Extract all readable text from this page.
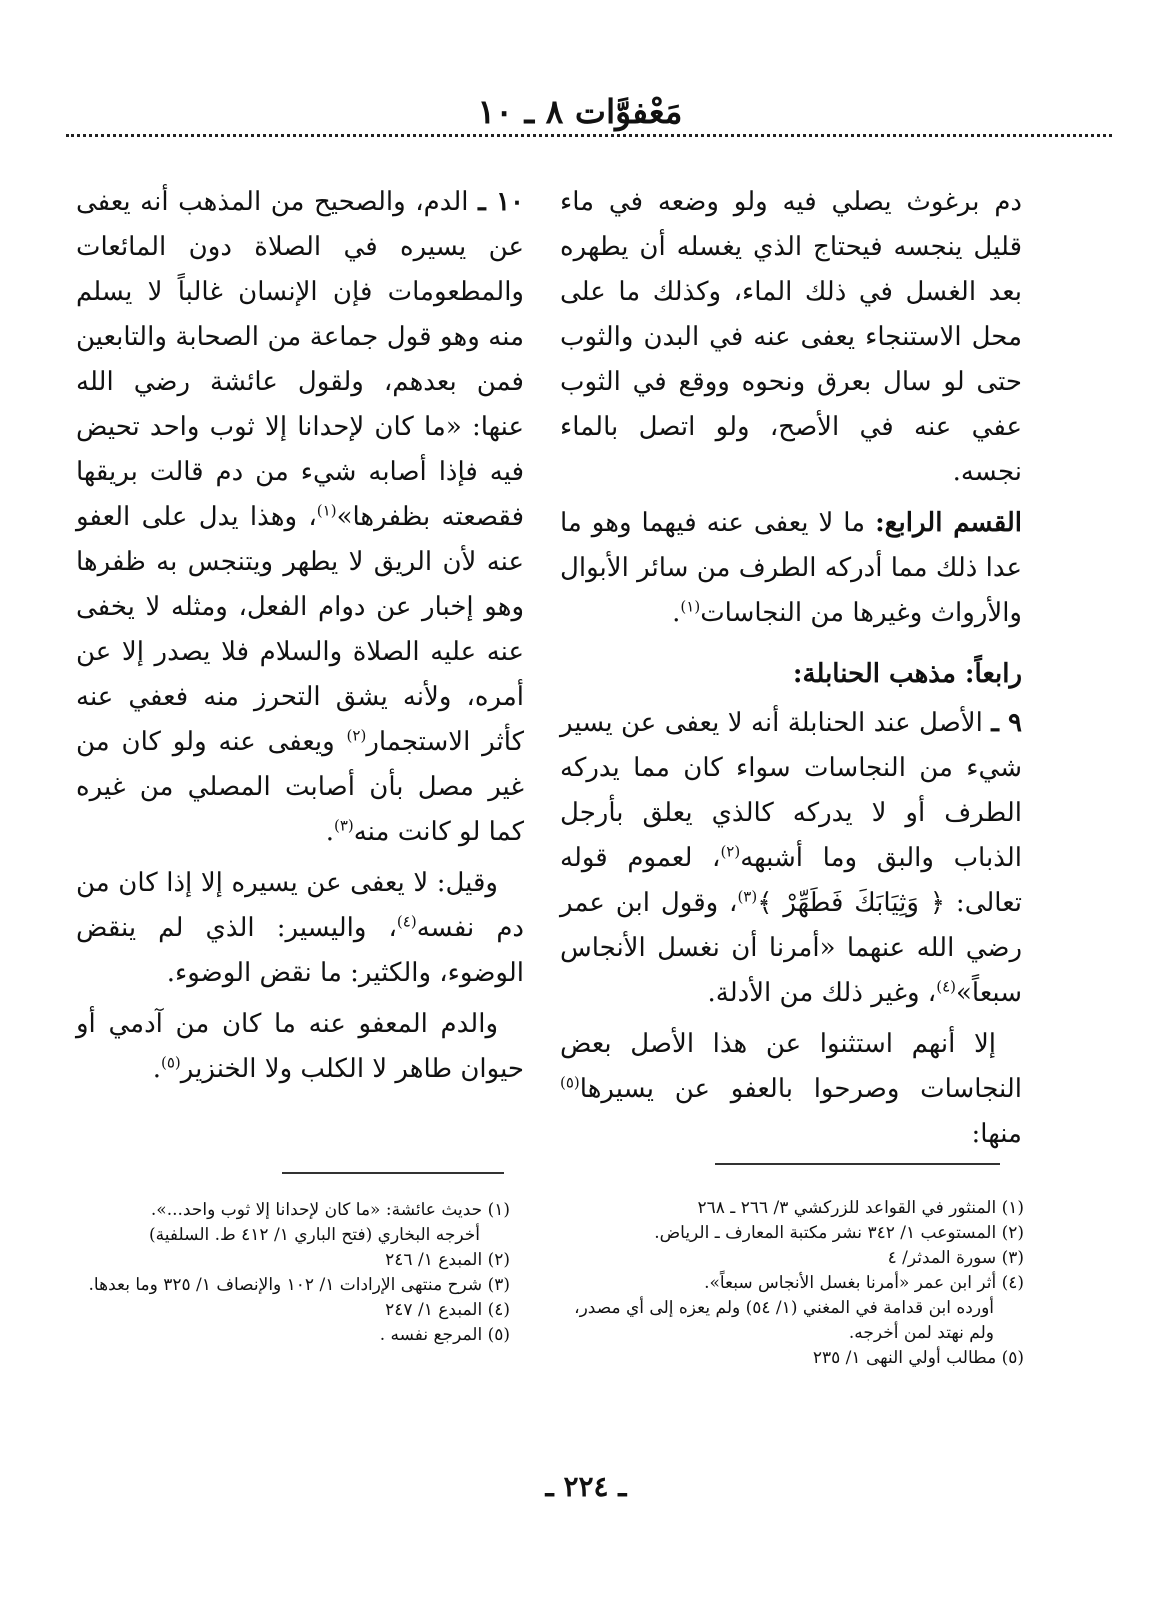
مَعْفوَّات ٨ ـ ١٠

دم برغوث يصلي فيه ولو وضعه في ماء قليل ينجسه فيحتاج الذي يغسله أن يطهره بعد الغسل في ذلك الماء، وكذلك ما على محل الاستنجاء يعفى عنه في البدن والثوب حتى لو سال بعرق ونحوه ووقع في الثوب عفي عنه في الأصح، ولو اتصل بالماء نجسه.

القسم الرابع: ما لا يعفى عنه فيهما وهو ما عدا ذلك مما أدركه الطرف من سائر الأبوال والأرواث وغيرها من النجاسات$^{(١)}$.

رابعاً: مذهب الحنابلة:

٩ ـ الأصل عند الحنابلة أنه لا يعفى عن يسير شيء من النجاسات سواء كان مما يدركه الطرف أو لا يدركه كالذي يعلق بأرجل الذباب والبق وما أشبهه$^{(٢)}$، لعموم قوله تعالى: ﴿ وَثِيَابَكَ فَطَهِّرْ ﴾$^{(٣)}$، وقول ابن عمر رضي الله عنهما «أمرنا أن نغسل الأنجاس سبعاً»$^{(٤)}$، وغير ذلك من الأدلة.

إلا أنهم استثنوا عن هذا الأصل بعض النجاسات وصرحوا بالعفو عن يسيرها$^{(٥)}$ منها:

١٠ ـ الدم، والصحيح من المذهب أنه يعفى عن يسيره في الصلاة دون المائعات والمطعومات فإن الإنسان غالباً لا يسلم منه وهو قول جماعة من الصحابة والتابعين فمن بعدهم، ولقول عائشة رضي الله عنها: «ما كان لإحدانا إلا ثوب واحد تحيض فيه فإذا أصابه شيء من دم قالت بريقها فقصعته بظفرها»$^{(١)}$، وهذا يدل على العفو عنه لأن الريق لا يطهر ويتنجس به ظفرها وهو إخبار عن دوام الفعل، ومثله لا يخفى عنه عليه الصلاة والسلام فلا يصدر إلا عن أمره، ولأنه يشق التحرز منه فعفي عنه كأثر الاستجمار$^{(٢)}$ ويعفى عنه ولو كان من غير مصل بأن أصابت المصلي من غيره كما لو كانت منه$^{(٣)}$.

وقيل: لا يعفى عن يسيره إلا إذا كان من دم نفسه$^{(٤)}$، واليسير: الذي لم ينقض الوضوء، والكثير: ما نقض الوضوء.

والدم المعفو عنه ما كان من آدمي أو حيوان طاهر لا الكلب ولا الخنزير$^{(٥)}$.

(١) المنثور في القواعد للزركشي ٣/ ٢٦٦ ـ ٢٦٨
(٢) المستوعب ١/ ٣٤٢ نشر مكتبة المعارف ـ الرياض.
(٣) سورة المدثر/ ٤
(٤) أثر ابن عمر «أمرنا بغسل الأنجاس سبعاً».
أورده ابن قدامة في المغني (١/ ٥٤) ولم يعزه إلى أي مصدر، ولم نهتد لمن أخرجه.
(٥) مطالب أولي النهى ١/ ٢٣٥
(١) حديث عائشة: «ما كان لإحدانا إلا ثوب واحد...».
أخرجه البخاري (فتح الباري ١/ ٤١٢ ط. السلفية)
(٢) المبدع ١/ ٢٤٦
(٣) شرح منتهى الإرادات ١/ ١٠٢ والإنصاف ١/ ٣٢٥ وما بعدها.
(٤) المبدع ١/ ٢٤٧
(٥) المرجع نفسه .
ـ ٢٢٤ ـ
